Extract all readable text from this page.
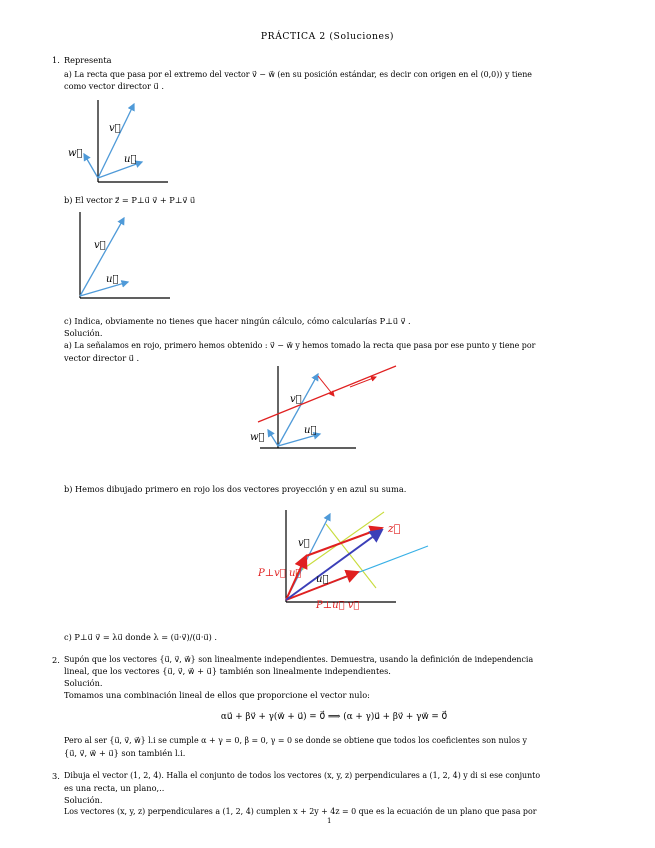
PRÁCTICA 2 (Soluciones)
1. Representa
a) La recta que pasa por el extremo del vector v⃗ − w⃗ (en su posición estándar, es decir con origen en el (0,0)) y tiene
como vector director u⃗ .
v⃗
u⃗
w⃗
b) El vector z⃗ = P⊥u⃗ v⃗ + P⊥v⃗ u⃗
v⃗
u⃗
c) Indica, obviamente no tienes que hacer ningún cálculo, cómo calcularías P⊥u⃗ v⃗ .
Solución.
a) La señalamos en rojo, primero hemos obtenido : v⃗ − w⃗ y hemos tomado la recta que pasa por ese punto y tiene por
vector director u⃗ .
v⃗
u⃗
w⃗
b) Hemos dibujado primero en rojo los dos vectores proyección y en azul su suma.
v⃗
u⃗
z⃗
P⊥v⃗ u⃗
P⊥u⃗ v⃗
c) P⊥u⃗ v⃗ = λu⃗ donde λ = (u⃗·v⃗)/(u⃗·u⃗) .
2. Supón que los vectores {u⃗, v⃗, w⃗} son linealmente independientes. Demuestra, usando la definición de independencia
lineal, que los vectores {u⃗, v⃗, w⃗ + u⃗} también son linealmente independientes.
Solución.
Tomamos una combinación lineal de ellos que proporcione el vector nulo:
αu⃗ + βv⃗ + γ(w⃗ + u⃗) = 0⃗ ⟹ (α + γ)u⃗ + βv⃗ + γw⃗ = 0⃗
Pero al ser {u⃗, v⃗, w⃗} l.i se cumple α + γ = 0, β = 0, γ = 0 se donde se obtiene que todos los coeficientes son nulos y
{u⃗, v⃗, w⃗ + u⃗} son también l.i.
3. Dibuja el vector (1, 2, 4). Halla el conjunto de todos los vectores (x, y, z) perpendiculares a (1, 2, 4) y di si ese conjunto
es una recta, un plano,..
Solución.
Los vectores (x, y, z) perpendiculares a (1, 2, 4) cumplen x + 2y + 4z = 0 que es la ecuación de un plano que pasa por
1
